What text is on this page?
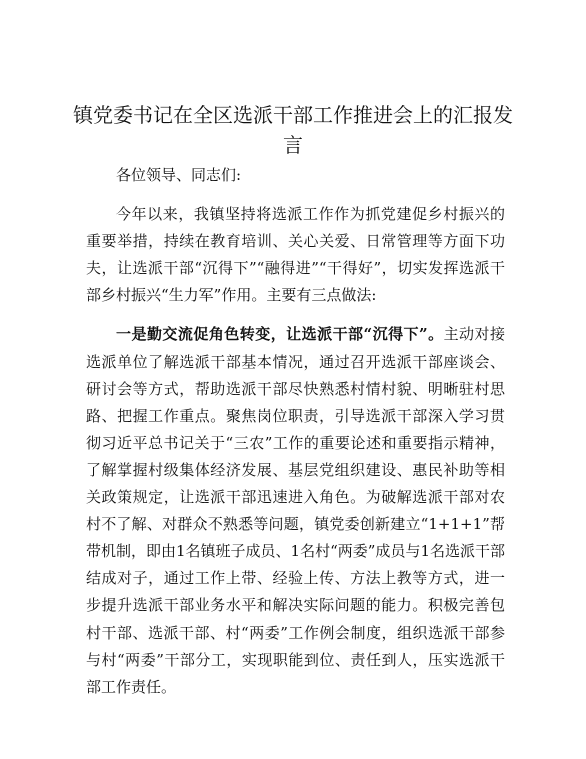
镇党委书记在全区选派干部工作推进会上的汇报发言

各位领导、同志们:

今年以来，我镇坚持将选派工作作为抓党建促乡村振兴的重要举措，持续在教育培训、关心关爱、日常管理等方面下功夫，让选派干部“沉得下”“融得进”“干得好”，切实发挥选派干部乡村振兴“生力军”作用。主要有三点做法:

一是勤交流促角色转变，让选派干部“沉得下”。主动对接选派单位了解选派干部基本情况，通过召开选派干部座谈会、研讨会等方式，帮助选派干部尽快熟悉村情村貌、明晰驻村思路、把握工作重点。聚焦岗位职责，引导选派干部深入学习贯彻习近平总书记关于“三农”工作的重要论述和重要指示精神，了解掌握村级集体经济发展、基层党组织建设、惠民补助等相关政策规定，让选派干部迅速进入角色。为破解选派干部对农村不了解、对群众不熟悉等问题，镇党委创新建立“1+1+1”帮带机制，即由1名镇班子成员、1名村“两委”成员与1名选派干部结成对子，通过工作上带、经验上传、方法上教等方式，进一步提升选派干部业务水平和解决实际问题的能力。积极完善包村干部、选派干部、村“两委”工作例会制度，组织选派干部参与村“两委”干部分工，实现职能到位、责任到人，压实选派干部工作责任。
